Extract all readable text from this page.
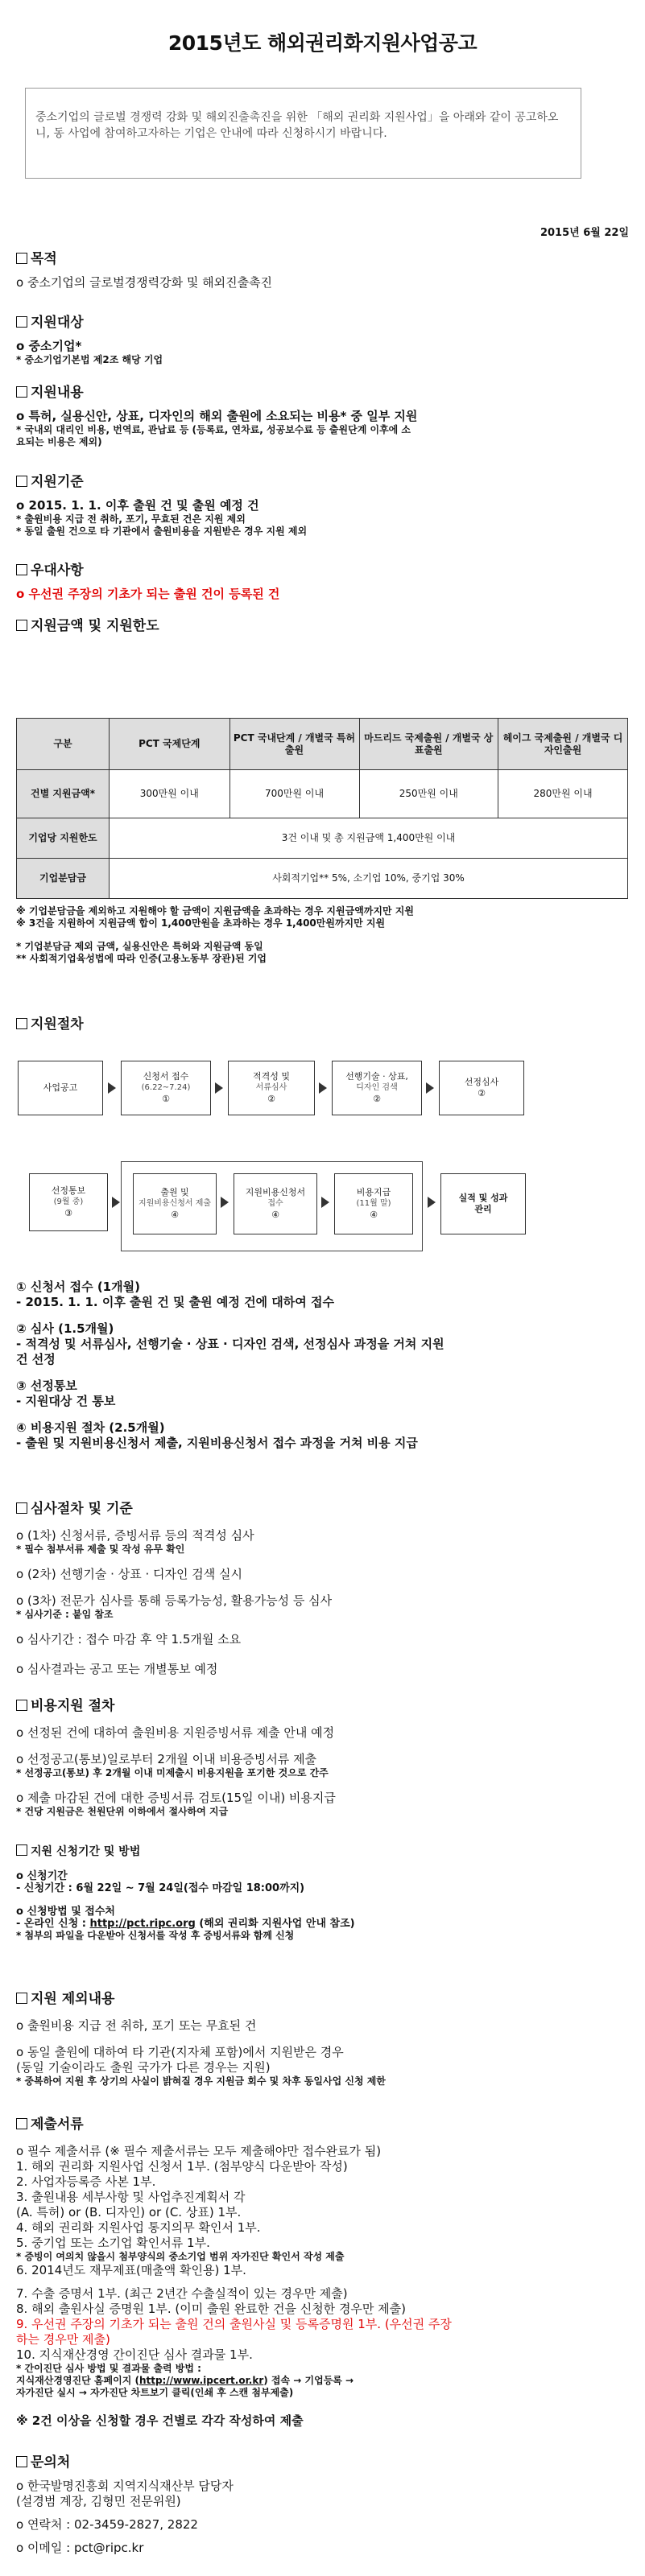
2015년도 해외권리화지원사업공고
중소기업의 글로벌 경쟁력 강화 및 해외진출촉진을 위한 「해외 권리화 지원사업」을 아래와 같이 공고하오니, 동 사업에 참여하고자하는 기업은 안내에 따라 신청하시기 바랍니다.
2015년 6월 22일
목적
o 중소기업의 글로벌경쟁력강화 및 해외진출촉진
지원대상
o 중소기업*
* 중소기업기본법 제2조 해당 기업
지원내용
o 특허, 실용신안, 상표, 디자인의 해외 출원에 소요되는 비용* 중 일부 지원
* 국내외 대리인 비용, 번역료, 관납료 등 (등록료, 연차료, 성공보수료 등 출원단계 이후에 소
요되는 비용은 제외)
지원기준
o 2015. 1. 1. 이후 출원 건 및 출원 예정 건
* 출원비용 지급 전 취하, 포기, 무효된 건은 지원 제외
* 동일 출원 건으로 타 기관에서 출원비용을 지원받은 경우 지원 제외
우대사항
o 우선권 주장의 기초가 되는 출원 건이 등록된 건
지원금액 및 지원한도
구분	PCT 국제단계	PCT 국내단계 / 개별국 특허출원	마드리드 국제출원 / 개별국 상표출원	헤이그 국제출원 / 개별국 디자인출원
건별 지원금액*	300만원 이내	700만원 이내	250만원 이내	280만원 이내
기업당 지원한도	3건 이내 및 총 지원금액 1,400만원 이내			
기업분담금	사회적기업** 5%, 소기업 10%, 중기업 30%			
※ 기업분담금을 제외하고 지원해야 할 금액이 지원금액을 초과하는 경우 지원금액까지만 지원
※ 3건을 지원하여 지원금액 합이 1,400만원을 초과하는 경우 1,400만원까지만 지원
* 기업분담금 제외 금액, 실용신안은 특허와 지원금액 동일
** 사회적기업육성법에 따라 인증(고용노동부 장관)된 기업
지원절차
사업공고
신청서 접수
(6.22~7.24)
①
적격성 및
서류심사
②
선행기술 · 상표,
디자인 검색
②
선정심사
②
선정통보
(9월 중)
③
출원 및
지원비용신청서 제출
④
지원비용신청서
접수
④
비용지급
(11월 말)
④
실적 및 성과
관리
① 신청서 접수 (1개월)
- 2015. 1. 1. 이후 출원 건 및 출원 예정 건에 대하여 접수
② 심사 (1.5개월)
- 적격성 및 서류심사, 선행기술 · 상표 · 디자인 검색, 선정심사 과정을 거쳐 지원
건 선정
③ 선정통보
- 지원대상 건 통보
④ 비용지원 절차 (2.5개월)
- 출원 및 지원비용신청서 제출, 지원비용신청서 접수 과정을 거쳐 비용 지급
심사절차 및 기준
o (1차) 신청서류, 증빙서류 등의 적격성 심사
* 필수 첨부서류 제출 및 작성 유무 확인
o (2차) 선행기술 · 상표 · 디자인 검색 실시
o (3차) 전문가 심사를 통해 등록가능성, 활용가능성 등 심사
* 심사기준 : 붙임 참조
o 심사기간 : 접수 마감 후 약 1.5개월 소요
o 심사결과는 공고 또는 개별통보 예정
비용지원 절차
o 선정된 건에 대하여 출원비용 지원증빙서류 제출 안내 예정
o 선정공고(통보)일로부터 2개월 이내 비용증빙서류 제출
* 선정공고(통보) 후 2개월 이내 미제출시 비용지원을 포기한 것으로 간주
o 제출 마감된 건에 대한 증빙서류 검토(15일 이내) 비용지급
* 건당 지원금은 천원단위 이하에서 절사하여 지급
지원 신청기간 및 방법
o 신청기간
- 신청기간 : 6월 22일 ~ 7월 24일(접수 마감일 18:00까지)
o 신청방법 및 접수처
- 온라인 신청 : http://pct.ripc.org (해외 권리화 지원사업 안내 참조)
* 첨부의 파일을 다운받아 신청서를 작성 후 증빙서류와 함께 신청
지원 제외내용
o 출원비용 지급 전 취하, 포기 또는 무효된 건
o 동일 출원에 대하여 타 기관(지자체 포함)에서 지원받은 경우
(동일 기술이라도 출원 국가가 다른 경우는 지원)
* 중복하여 지원 후 상기의 사실이 밝혀질 경우 지원금 회수 및 차후 동일사업 신청 제한
제출서류
o 필수 제출서류 (※ 필수 제출서류는 모두 제출해야만 접수완료가 됨)
1. 해외 권리화 지원사업 신청서 1부. (첨부양식 다운받아 작성)
2. 사업자등록증 사본 1부.
3. 출원내용 세부사항 및 사업추진계획서 각
(A. 특허) or (B. 디자인) or (C. 상표) 1부.
4. 해외 권리화 지원사업 통지의무 확인서 1부.
5. 중기업 또는 소기업 확인서류 1부.
* 증빙이 여의치 않을시 첨부양식의 중소기업 범위 자가진단 확인서 작성 제출
6. 2014년도 재무제표(매출액 확인용) 1부.
7. 수출 증명서 1부. (최근 2년간 수출실적이 있는 경우만 제출)
8. 해외 출원사실 증명원 1부. (이미 출원 완료한 건을 신청한 경우만 제출)
9. 우선권 주장의 기초가 되는 출원 건의 출원사실 및 등록증명원 1부. (우선권 주장
하는 경우만 제출)
10. 지식재산경영 간이진단 심사 결과물 1부.
* 간이진단 심사 방법 및 결과물 출력 방법 :
지식재산경영진단 홈페이지 (http://www.ipcert.or.kr) 접속 → 기업등록 →
자가진단 실시 → 자가진단 차트보기 클릭(인쇄 후 스캔 첨부제출)
※ 2건 이상을 신청할 경우 건별로 각각 작성하여 제출
문의처
o 한국발명진흥회 지역지식재산부 담당자
(설경범 계장, 김형민 전문위원)
o 연락처 : 02-3459-2827, 2822
o 이메일 : pct@ripc.kr
